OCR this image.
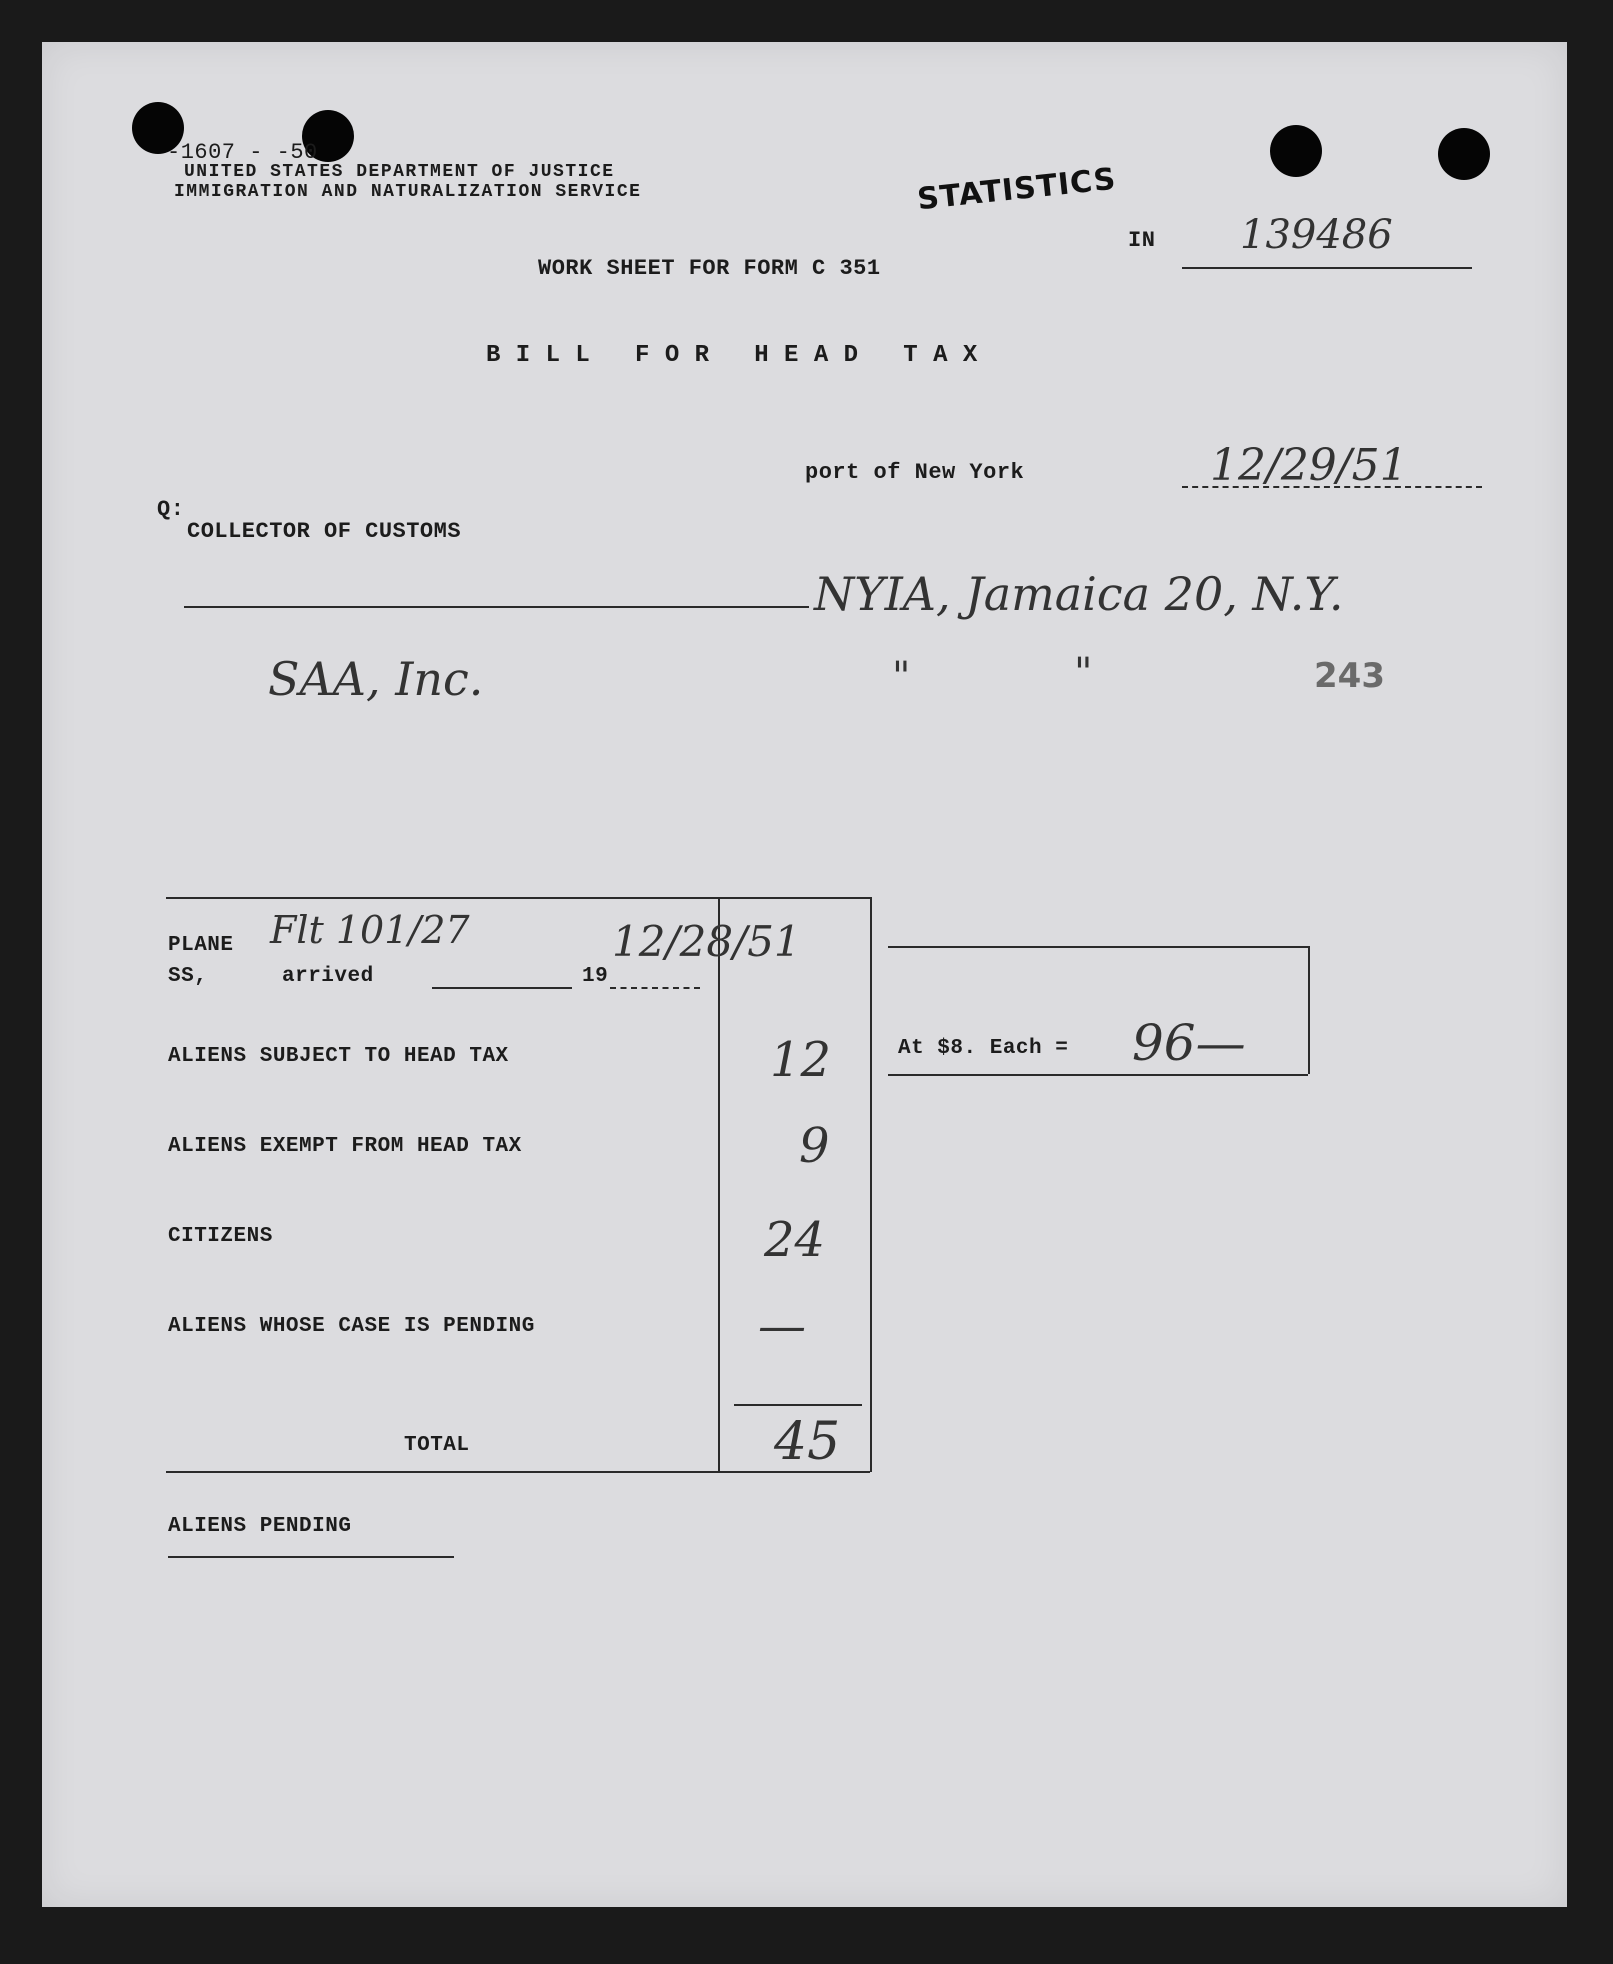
-1607 - -50
UNITED STATES DEPARTMENT OF JUSTICE
IMMIGRATION AND NATURALIZATION SERVICE	STATISTICS
IN 139486
WORK SHEET FOR FORM C 351
B I L L   F O R   H E A D   T A X
port of New York	12/29/51
Q:
COLLECTOR OF CUSTOMS
NYIA, Jamaica 20, N.Y.
SAA, Inc.	"	"	243
PLANE Flt 101/27
SS,	arrived	19
12/28/51
ALIENS SUBJECT TO HEAD TAX	12
ALIENS EXEMPT FROM HEAD TAX	9
CITIZENS	24
ALIENS WHOSE CASE IS PENDING	—
TOTAL	45
At $8. Each = 96—
ALIENS PENDING
